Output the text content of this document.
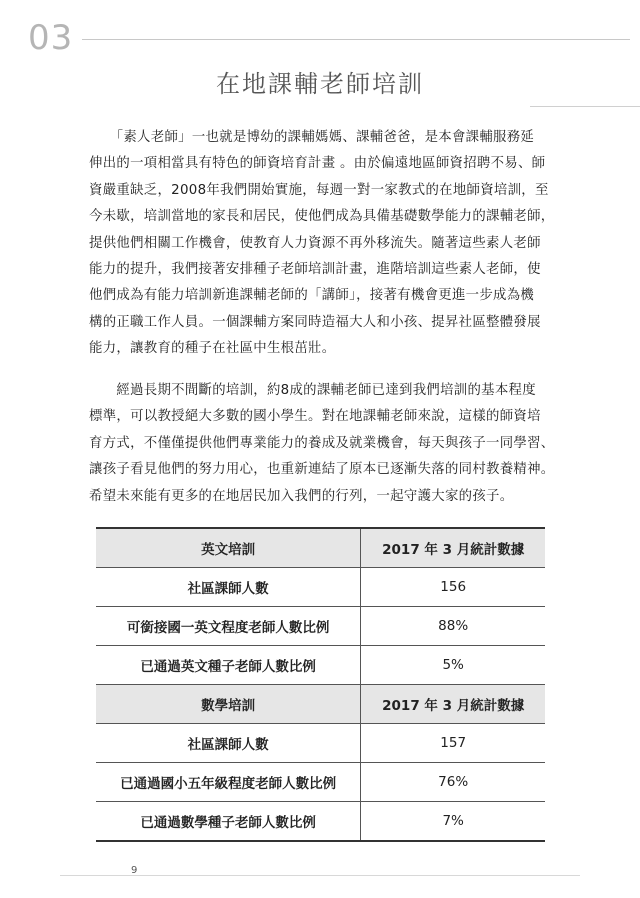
03
在地課輔老師培訓
　　「素人老師」一也就是博幼的課輔媽媽、課輔爸爸，是本會課輔服務延
伸出的一項相當具有特色的師資培育計畫 。由於偏遠地區師資招聘不易、師
資嚴重缺乏，2008年我們開始實施，每週一對一家教式的在地師資培訓，至
今未歇，培訓當地的家長和居民，使他們成為具備基礎數學能力的課輔老師，
提供他們相關工作機會，使教育人力資源不再外移流失。隨著這些素人老師
能力的提升，我們接著安排種子老師培訓計畫，進階培訓這些素人老師，使
他們成為有能力培訓新進課輔老師的「講師」，接著有機會更進一步成為機
構的正職工作人員。一個課輔方案同時造福大人和小孩、提昇社區整體發展
能力，讓教育的種子在社區中生根茁壯。
　　經過長期不間斷的培訓，約8成的課輔老師已達到我們培訓的基本程度
標準，可以教授絕大多數的國小學生。對在地課輔老師來說，這樣的師資培
育方式，不僅僅提供他們專業能力的養成及就業機會，每天與孩子一同學習、
讓孩子看見他們的努力用心，也重新連結了原本已逐漸失落的同村教養精神。
希望未來能有更多的在地居民加入我們的行列，一起守護大家的孩子。
英文培訓	2017 年 3 月統計數據
社區課師人數	156
可銜接國一英文程度老師人數比例	88%
已通過英文種子老師人數比例	5%
數學培訓	2017 年 3 月統計數據
社區課師人數	157
已通過國小五年級程度老師人數比例	76%
已通過數學種子老師人數比例	7%
9
